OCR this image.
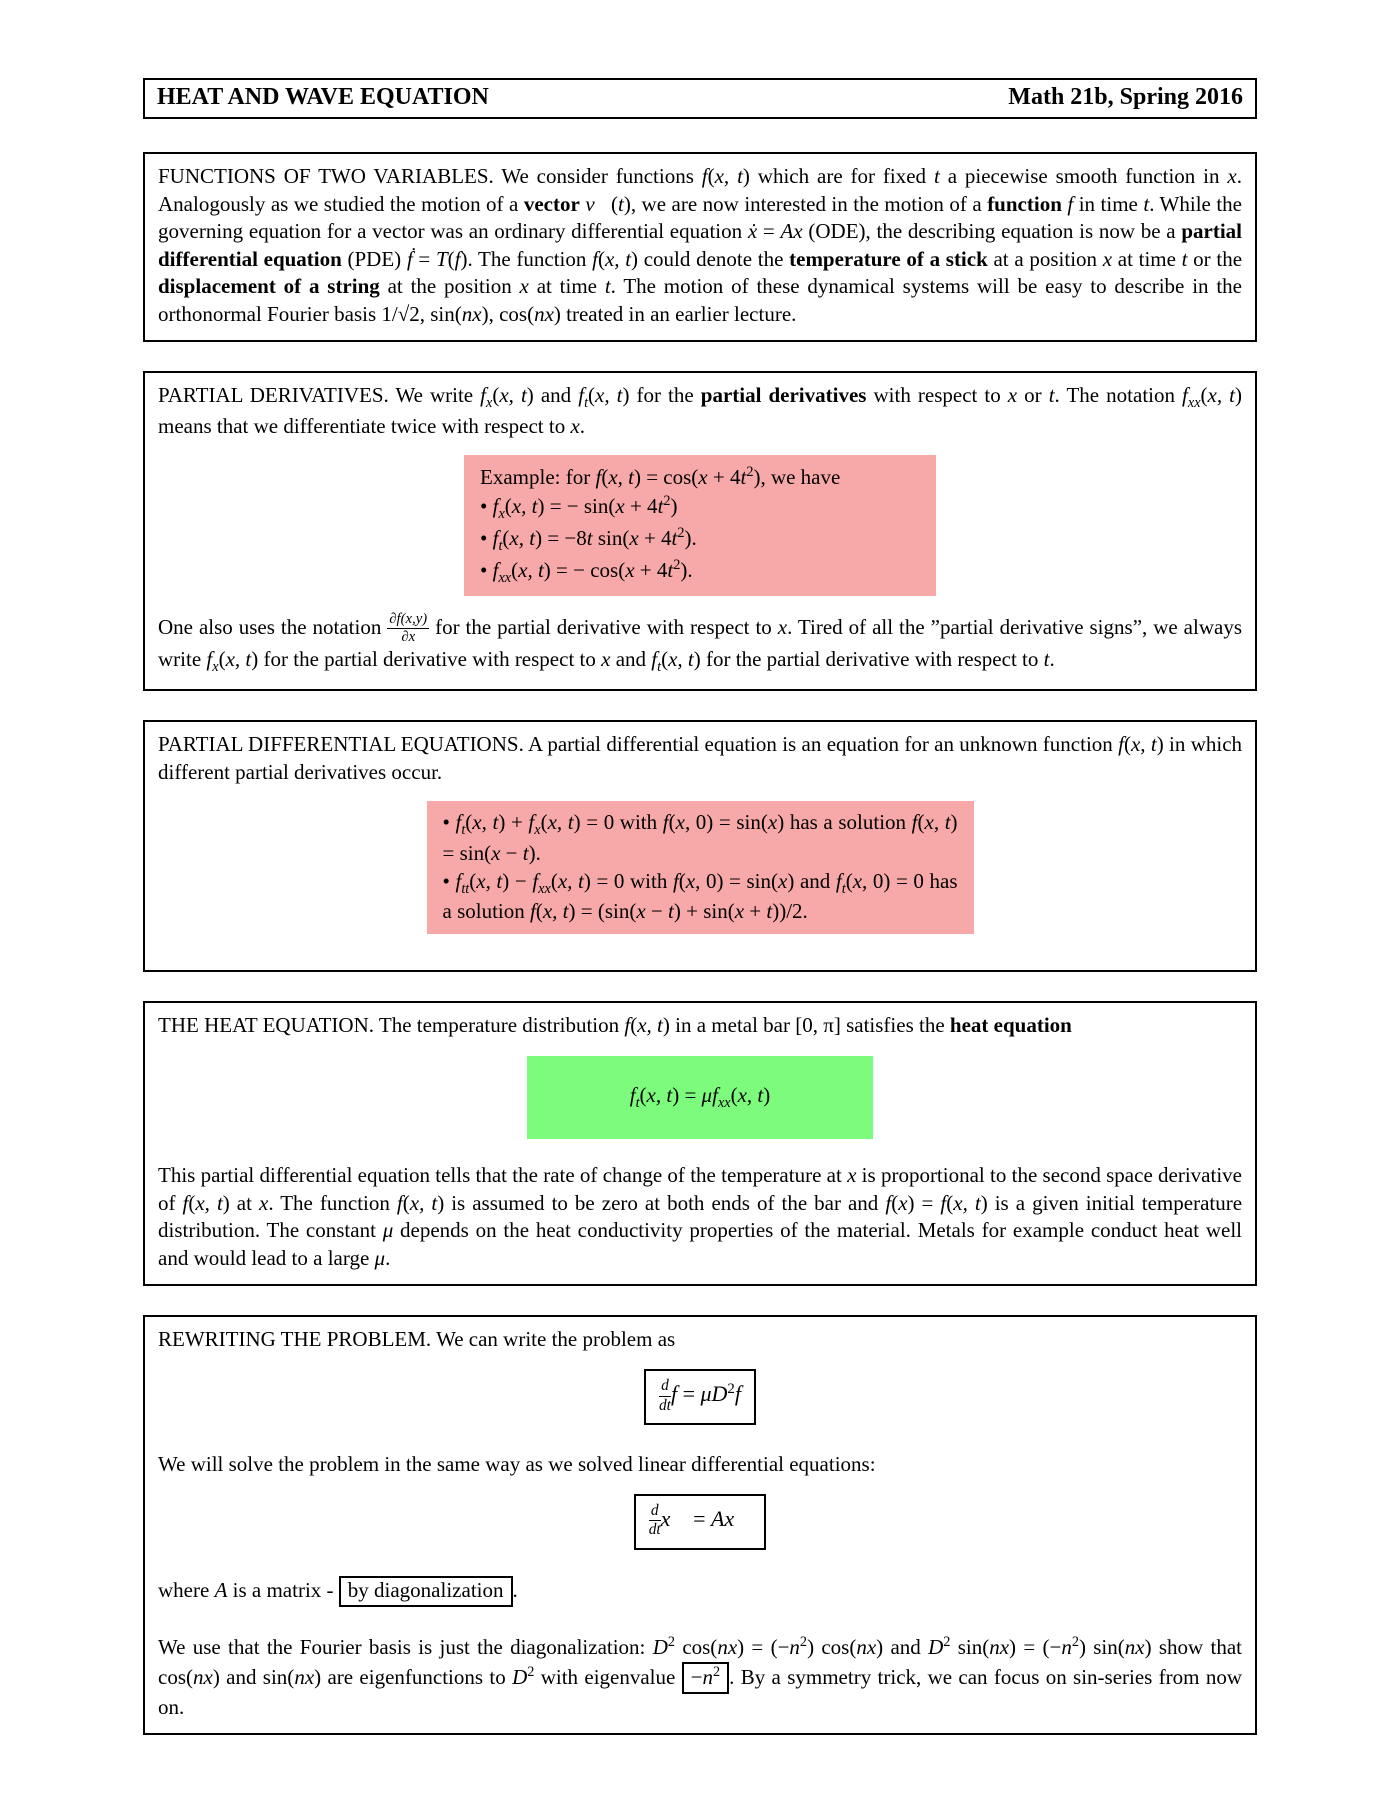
HEAT AND WAVE EQUATION	Math 21b, Spring 2016

FUNCTIONS OF TWO VARIABLES. We consider functions f(x, t) which are for fixed t a piecewise smooth function in x. Analogously as we studied the motion of a vector v⃗(t), we are now interested in the motion of a function f in time t. While the governing equation for a vector was an ordinary differential equation ẋ = Ax (ODE), the describing equation is now be a partial differential equation (PDE) ḟ = T(f). The function f(x, t) could denote the temperature of a stick at a position x at time t or the displacement of a string at the position x at time t. The motion of these dynamical systems will be easy to describe in the orthonormal Fourier basis 1/√2, sin(nx), cos(nx) treated in an earlier lecture.

PARTIAL DERIVATIVES. We write $f_x(x$, t) and $f_t(x$, t) for the partial derivatives with respect to x or t. The notation $f_{xx}(x$, t) means that we differentiate twice with respect to x.

Example: for f(x, $t) = \cos(x + 4t^2)$, we have
• $f_x(x$, t) = − $\sin(x + 4t^2)$
• $f_t(x$, t) = −8t $\sin(x + 4t^2)$.
• $f_{xx}(x$, t) = − $\cos(x + 4t^2)$.

One also uses the notation $\frac{\partial f(x,y)}{\partial x}$ for the partial derivative with respect to x. Tired of all the ”partial derivative signs”, we always write $f_x(x$, t) for the partial derivative with respect to x and $f_t(x$, t) for the partial derivative with respect to t.

PARTIAL DIFFERENTIAL EQUATIONS. A partial differential equation is an equation for an unknown function f(x, t) in which different partial derivatives occur.

• $f_t(x$, $t) + f_x(x$, t) = 0 with f(x, 0) = sin(x) has a solution f(x, t) = sin(x − t).
• $f_{tt}(x$, $t) - f_{xx}(x$, t) = 0 with f(x, 0) = sin(x) and $f_t(x$, 0) = 0 has a solution f(x, t) = (sin(x − t) + sin(x + t))/2.

THE HEAT EQUATION. The temperature distribution f(x, t) in a metal bar [0, π] satisfies the heat equation

$f_t(x$, $t) = \mu f_{xx}(x$, t)

This partial differential equation tells that the rate of change of the temperature at x is proportional to the second space derivative of f(x, t) at x. The function f(x, t) is assumed to be zero at both ends of the bar and f(x) = f(x, t) is a given initial temperature distribution. The constant μ depends on the heat conductivity properties of the material. Metals for example conduct heat well and would lead to a large μ.

REWRITING THE PROBLEM. We can write the problem as

$\frac{d}{dt}$ $f = \mu D^2f$

We will solve the problem in the same way as we solved linear differential equations:

$\frac{d}{dt}$ x⃗ = Ax⃗

where A is a matrix - by diagonalization .

We use that the Fourier basis is just the diagonalization: $D^2$ $\cos(nx) = (-n^2)$ cos(nx) and $D^2$ $\sin(nx) = (-n^2)$ sin(nx) show that cos(nx) and sin(nx) are eigenfunctions to $D^2$ with eigenvalue $-n^2$ . By a symmetry trick, we can focus on sin-series from now on.
